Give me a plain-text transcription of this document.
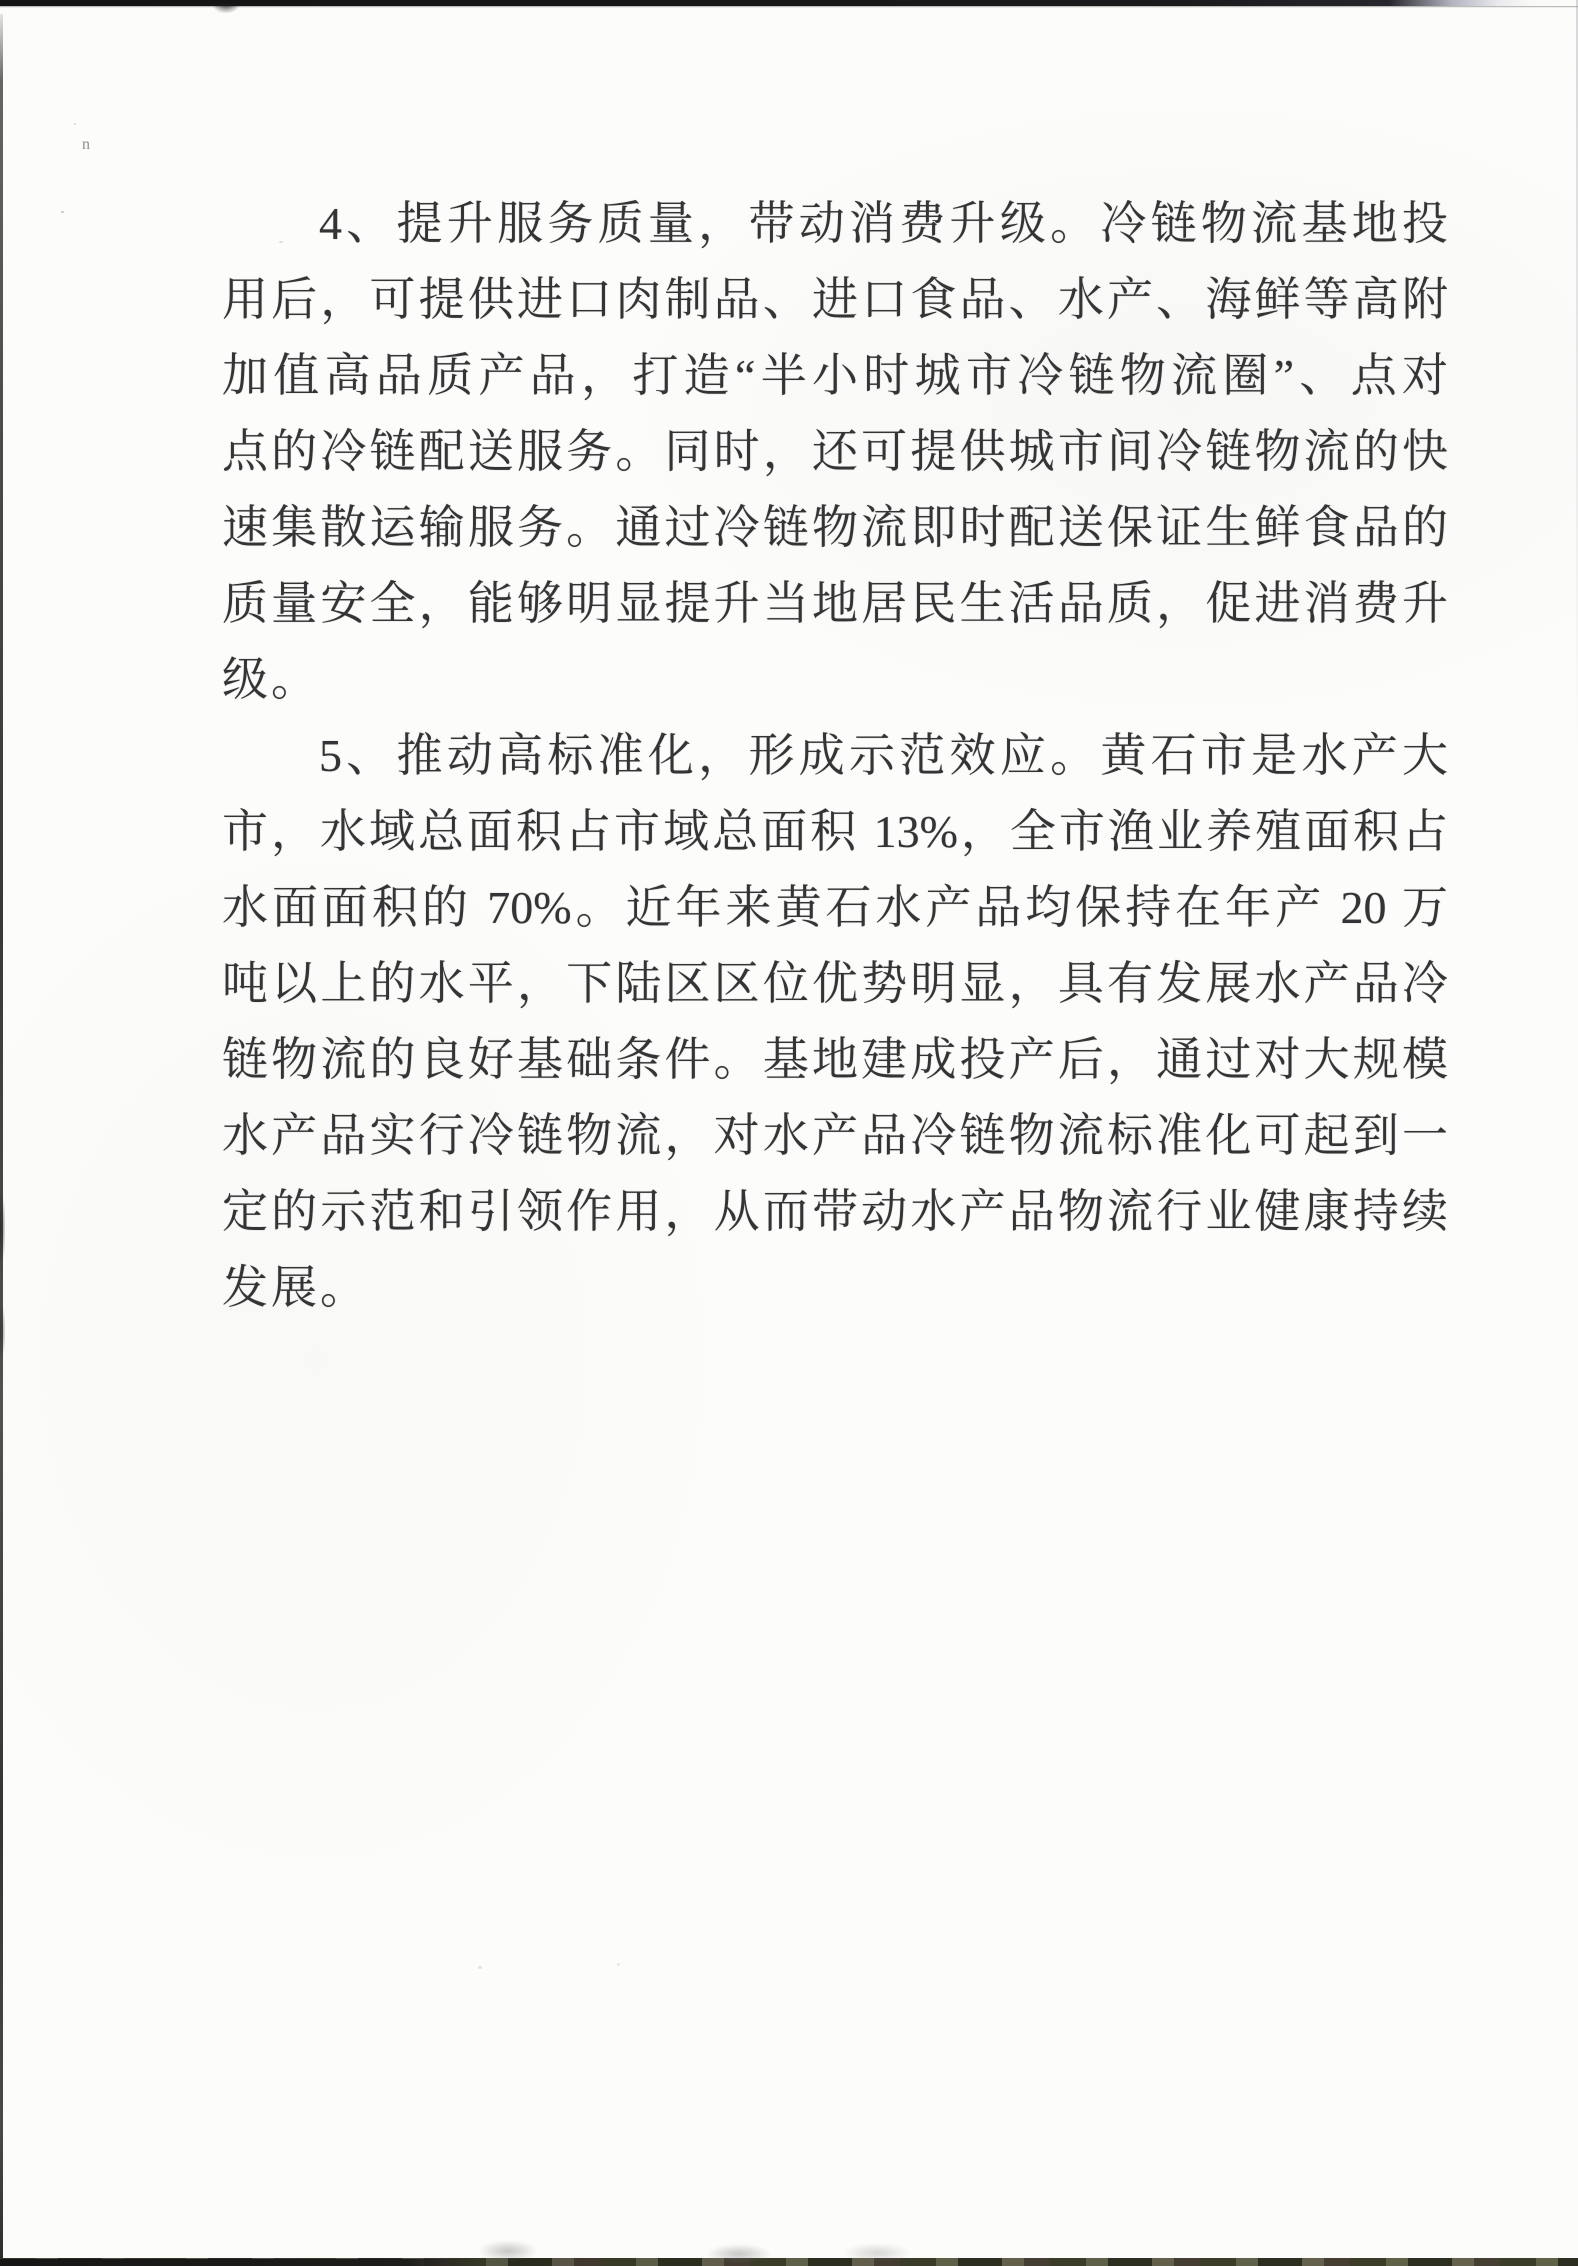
n
4、提升服务质量，带动消费升级。冷链物流基地投
用后，可提供进口肉制品、进口食品、水产、海鲜等高附
加值高品质产品，打造“半小时城市冷链物流圈”、点对
点的冷链配送服务。同时，还可提供城市间冷链物流的快
速集散运输服务。通过冷链物流即时配送保证生鲜食品的
质量安全，能够明显提升当地居民生活品质，促进消费升
级。
5、推动高标准化，形成示范效应。黄石市是水产大
市，水域总面积占市域总面积 13%，全市渔业养殖面积占
水面面积的 70%。近年来黄石水产品均保持在年产 20 万
吨以上的水平，下陆区区位优势明显，具有发展水产品冷
链物流的良好基础条件。基地建成投产后，通过对大规模
水产品实行冷链物流，对水产品冷链物流标准化可起到一
定的示范和引领作用，从而带动水产品物流行业健康持续
发展。
